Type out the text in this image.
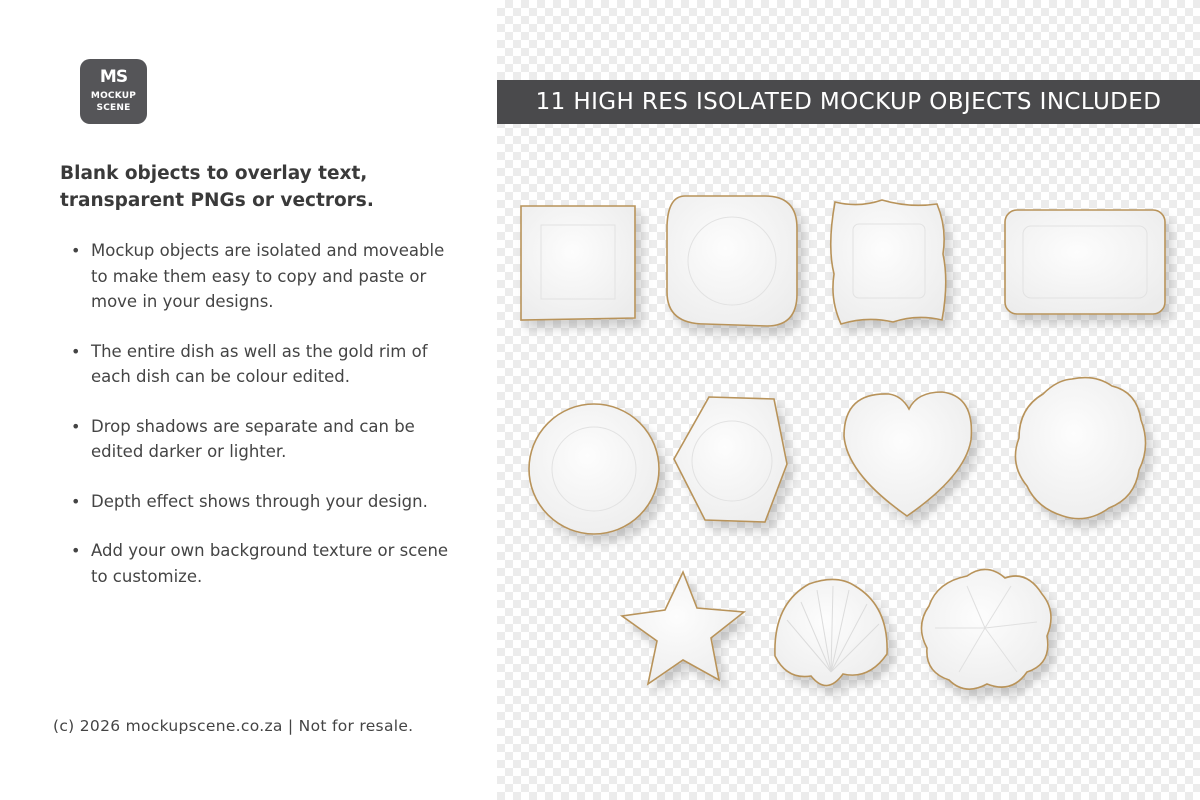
MS
MOCKUP
SCENE
Blank objects to overlay text, transparent PNGs or vectrors.
• Mockup objects are isolated and moveable to make them easy to copy and paste or move in your designs.
• The entire dish as well as the gold rim of each dish can be colour edited.
• Drop shadows are separate and can be edited darker or lighter.
• Depth effect shows through your design.
• Add your own background texture or scene to customize.
(c) 2026 mockupscene.co.za | Not for resale.
11 HIGH RES ISOLATED MOCKUP OBJECTS INCLUDED
